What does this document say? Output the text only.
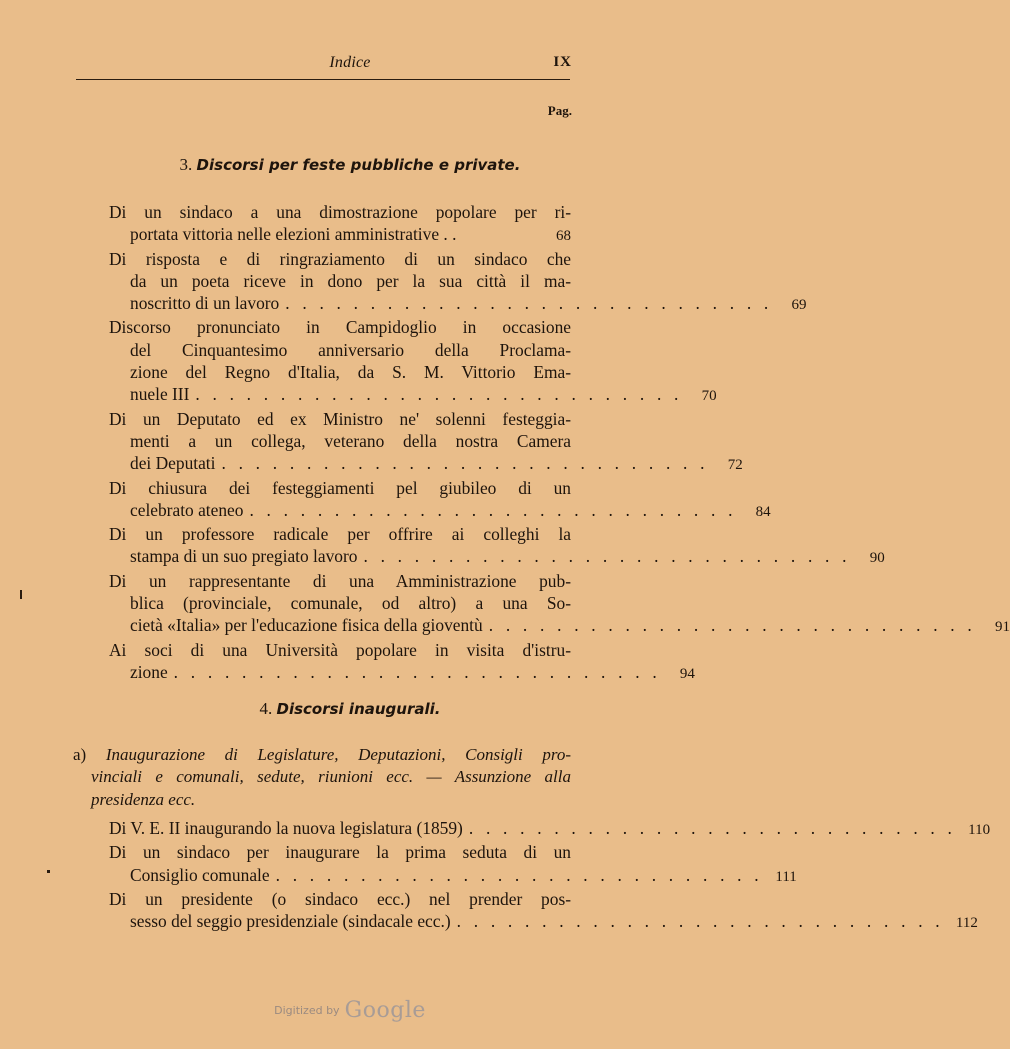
Indice	IX
Pag.
3. Discorsi per feste pubbliche e private.
Di un sindaco a una dimostrazione popolare per ri-
portata vittoria nelle elezioni amministrative . .	68
Di risposta e di ringraziamento di un sindaco che
da un poeta riceve in dono per la sua città il ma-
noscritto di un lavoro . . . . . . . . . . . . . . . . . . . . . . . . . . . . .	69
Discorso pronunciato in Campidoglio in occasione
del Cinquantesimo anniversario della Proclama-
zione del Regno d'Italia, da S. M. Vittorio Ema-
nuele III . . . . . . . . . . . . . . . . . . . . . . . . . . . . .	70
Di un Deputato ed ex Ministro ne' solenni festeggia-
menti a un collega, veterano della nostra Camera
dei Deputati . . . . . . . . . . . . . . . . . . . . . . . . . . . . .	72
Di chiusura dei festeggiamenti pel giubileo di un
celebrato ateneo . . . . . . . . . . . . . . . . . . . . . . . . . . . . .	84
Di un professore radicale per offrire ai colleghi la
stampa di un suo pregiato lavoro . . . . . . . . . . . . . . . . . . . . . . . . . . . . .	90
Di un rappresentante di una Amministrazione pub-
blica (provinciale, comunale, od altro) a una So-
cietà «Italia» per l'educazione fisica della gioventù . . . . . . . . . . . . . . . . . . . . . . . . . . . . .	91
Ai soci di una Università popolare in visita d'istru-
zione . . . . . . . . . . . . . . . . . . . . . . . . . . . . .	94
4. Discorsi inaugurali.
a) Inaugurazione di Legislature, Deputazioni, Consigli pro-
vinciali e comunali, sedute, riunioni ecc. — Assunzione alla
presidenza ecc.
Di V. E. II inaugurando la nuova legislatura (1859) . . . . . . . . . . . . . . . . . . . . . . . . . . . . . 110
Di un sindaco per inaugurare la prima seduta di un
Consiglio comunale . . . . . . . . . . . . . . . . . . . . . . . . . . . . . 111
Di un presidente (o sindaco ecc.) nel prender pos-
sesso del seggio presidenziale (sindacale ecc.) . . . . . . . . . . . . . . . . . . . . . . . . . . . . . 112
Digitized by Google
